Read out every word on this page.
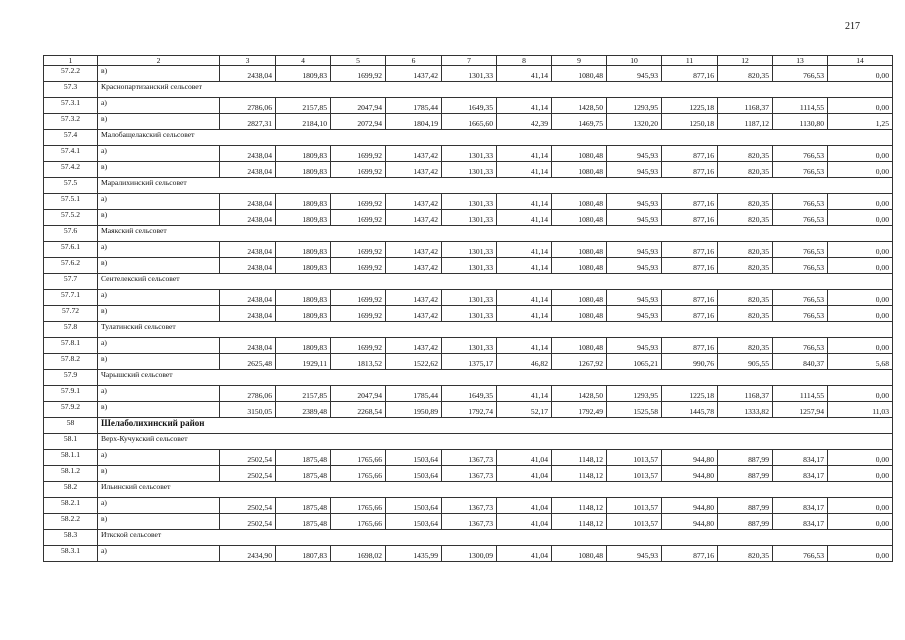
217
1	2	3	4	5	6	7	8	9	10	11	12	13	14
57.2.2	в)	2438,04	1809,83	1699,92	1437,42	1301,33	41,14	1080,48	945,93	877,16	820,35	766,53	0,00
57.3	Краснопартизанский сельсовет												
57.3.1	а)	2786,06	2157,85	2047,94	1785,44	1649,35	41,14	1428,50	1293,95	1225,18	1168,37	1114,55	0,00
57.3.2	в)	2827,31	2184,10	2072,94	1804,19	1665,60	42,39	1469,75	1320,20	1250,18	1187,12	1130,80	1,25
57.4	Малобащелакский сельсовет												
57.4.1	а)	2438,04	1809,83	1699,92	1437,42	1301,33	41,14	1080,48	945,93	877,16	820,35	766,53	0,00
57.4.2	в)	2438,04	1809,83	1699,92	1437,42	1301,33	41,14	1080,48	945,93	877,16	820,35	766,53	0,00
57.5	Маралихинский сельсовет												
57.5.1	а)	2438,04	1809,83	1699,92	1437,42	1301,33	41,14	1080,48	945,93	877,16	820,35	766,53	0,00
57.5.2	в)	2438,04	1809,83	1699,92	1437,42	1301,33	41,14	1080,48	945,93	877,16	820,35	766,53	0,00
57.6	Маякский сельсовет												
57.6.1	а)	2438,04	1809,83	1699,92	1437,42	1301,33	41,14	1080,48	945,93	877,16	820,35	766,53	0,00
57.6.2	в)	2438,04	1809,83	1699,92	1437,42	1301,33	41,14	1080,48	945,93	877,16	820,35	766,53	0,00
57.7	Сентелекский сельсовет												
57.7.1	а)	2438,04	1809,83	1699,92	1437,42	1301,33	41,14	1080,48	945,93	877,16	820,35	766,53	0,00
57.72	в)	2438,04	1809,83	1699,92	1437,42	1301,33	41,14	1080,48	945,93	877,16	820,35	766,53	0,00
57.8	Тулатинский сельсовет												
57.8.1	а)	2438,04	1809,83	1699,92	1437,42	1301,33	41,14	1080,48	945,93	877,16	820,35	766,53	0,00
57.8.2	в)	2625,48	1929,11	1813,52	1522,62	1375,17	46,82	1267,92	1065,21	990,76	905,55	840,37	5,68
57.9	Чарышский сельсовет												
57.9.1	а)	2786,06	2157,85	2047,94	1785,44	1649,35	41,14	1428,50	1293,95	1225,18	1168,37	1114,55	0,00
57.9.2	в)	3150,05	2389,48	2268,54	1950,89	1792,74	52,17	1792,49	1525,58	1445,78	1333,82	1257,94	11,03
58	Шелаболихинский район												
58.1	Верх-Кучукский сельсовет												
58.1.1	а)	2502,54	1875,48	1765,66	1503,64	1367,73	41,04	1148,12	1013,57	944,80	887,99	834,17	0,00
58.1.2	в)	2502,54	1875,48	1765,66	1503,64	1367,73	41,04	1148,12	1013,57	944,80	887,99	834,17	0,00
58.2	Ильинский сельсовет												
58.2.1	а)	2502,54	1875,48	1765,66	1503,64	1367,73	41,04	1148,12	1013,57	944,80	887,99	834,17	0,00
58.2.2	в)	2502,54	1875,48	1765,66	1503,64	1367,73	41,04	1148,12	1013,57	944,80	887,99	834,17	0,00
58.3	Иткской сельсовет												
58.3.1	а)	2434,90	1807,83	1698,02	1435,99	1300,09	41,04	1080,48	945,93	877,16	820,35	766,53	0,00
